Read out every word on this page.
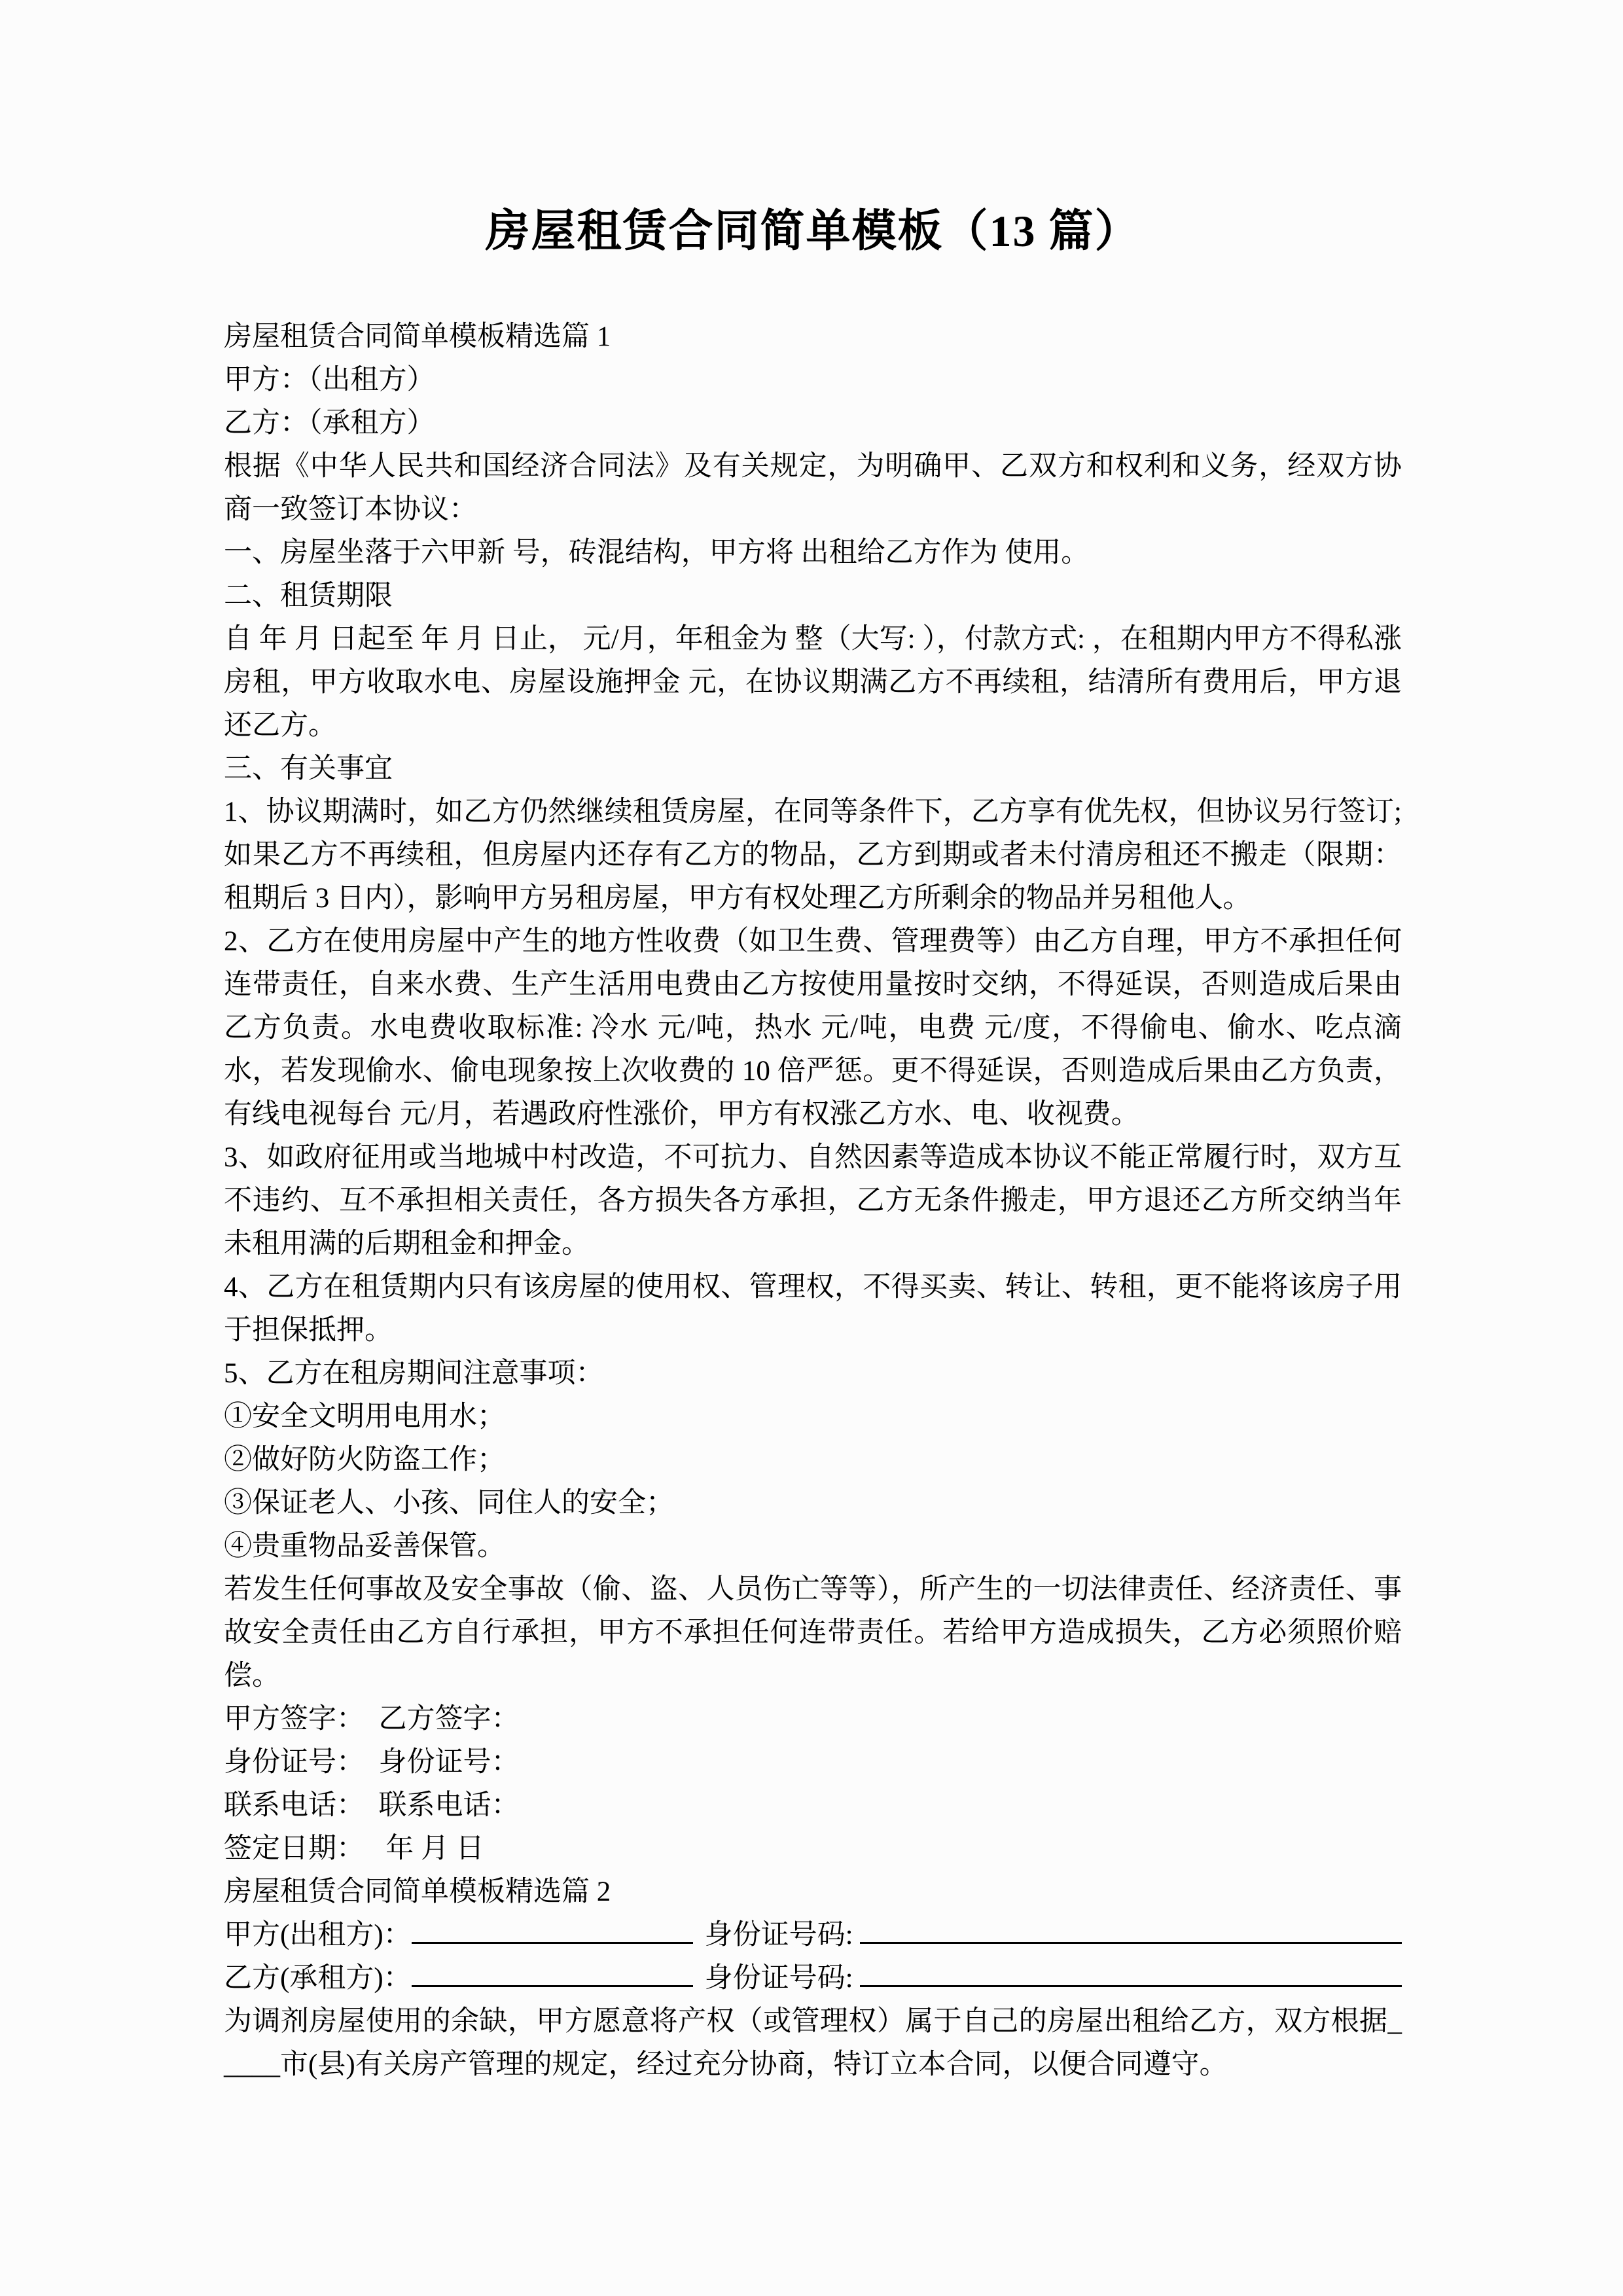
房屋租赁合同简单模板（13 篇）

房屋租赁合同简单模板精选篇 1

甲方：（出租方）

乙方：（承租方）

根据《中华人民共和国经济合同法》及有关规定，为明确甲、乙双方和权利和义务，经双方协商一致签订本协议：

一、房屋坐落于六甲新 号，砖混结构，甲方将 出租给乙方作为 使用。

二、租赁期限

自 年 月 日起至 年 月 日止， 元/月，年租金为 整（大写: ），付款方式: ，在租期内甲方不得私涨房租，甲方收取水电、房屋设施押金 元，在协议期满乙方不再续租，结清所有费用后，甲方退还乙方。

三、有关事宜

1、协议期满时，如乙方仍然继续租赁房屋，在同等条件下，乙方享有优先权，但协议另行签订; 如果乙方不再续租，但房屋内还存有乙方的物品，乙方到期或者未付清房租还不搬走（限期：租期后 3 日内），影响甲方另租房屋，甲方有权处理乙方所剩余的物品并另租他人。

2、乙方在使用房屋中产生的地方性收费（如卫生费、管理费等）由乙方自理，甲方不承担任何连带责任，自来水费、生产生活用电费由乙方按使用量按时交纳，不得延误，否则造成后果由乙方负责。水电费收取标准: 冷水 元/吨，热水 元/吨，电费 元/度，不得偷电、偷水、吃点滴水，若发现偷水、偷电现象按上次收费的 10 倍严惩。更不得延误，否则造成后果由乙方负责，有线电视每台 元/月，若遇政府性涨价，甲方有权涨乙方水、电、收视费。

3、如政府征用或当地城中村改造，不可抗力、自然因素等造成本协议不能正常履行时，双方互不违约、互不承担相关责任，各方损失各方承担，乙方无条件搬走，甲方退还乙方所交纳当年未租用满的后期租金和押金。

4、乙方在租赁期内只有该房屋的使用权、管理权，不得买卖、转让、转租，更不能将该房子用于担保抵押。

5、乙方在租房期间注意事项：

①安全文明用电用水；

②做好防火防盗工作；

③保证老人、小孩、同住人的安全；

④贵重物品妥善保管。

若发生任何事故及安全事故（偷、盗、人员伤亡等等），所产生的一切法律责任、经济责任、事故安全责任由乙方自行承担，甲方不承担任何连带责任。若给甲方造成损失，乙方必须照价赔偿。

甲方签字：　乙方签字：

身份证号：　身份证号：

联系电话：　联系电话：

签定日期：　 年 月 日

房屋租赁合同简单模板精选篇 2

甲方(出租方)：	身份证号码:
乙方(承租方)：	身份证号码:

为调剂房屋使用的余缺，甲方愿意将产权（或管理权）属于自己的房屋出租给乙方，双方根据_____市(县)有关房产管理的规定，经过充分协商，特订立本合同，以便合同遵守。
